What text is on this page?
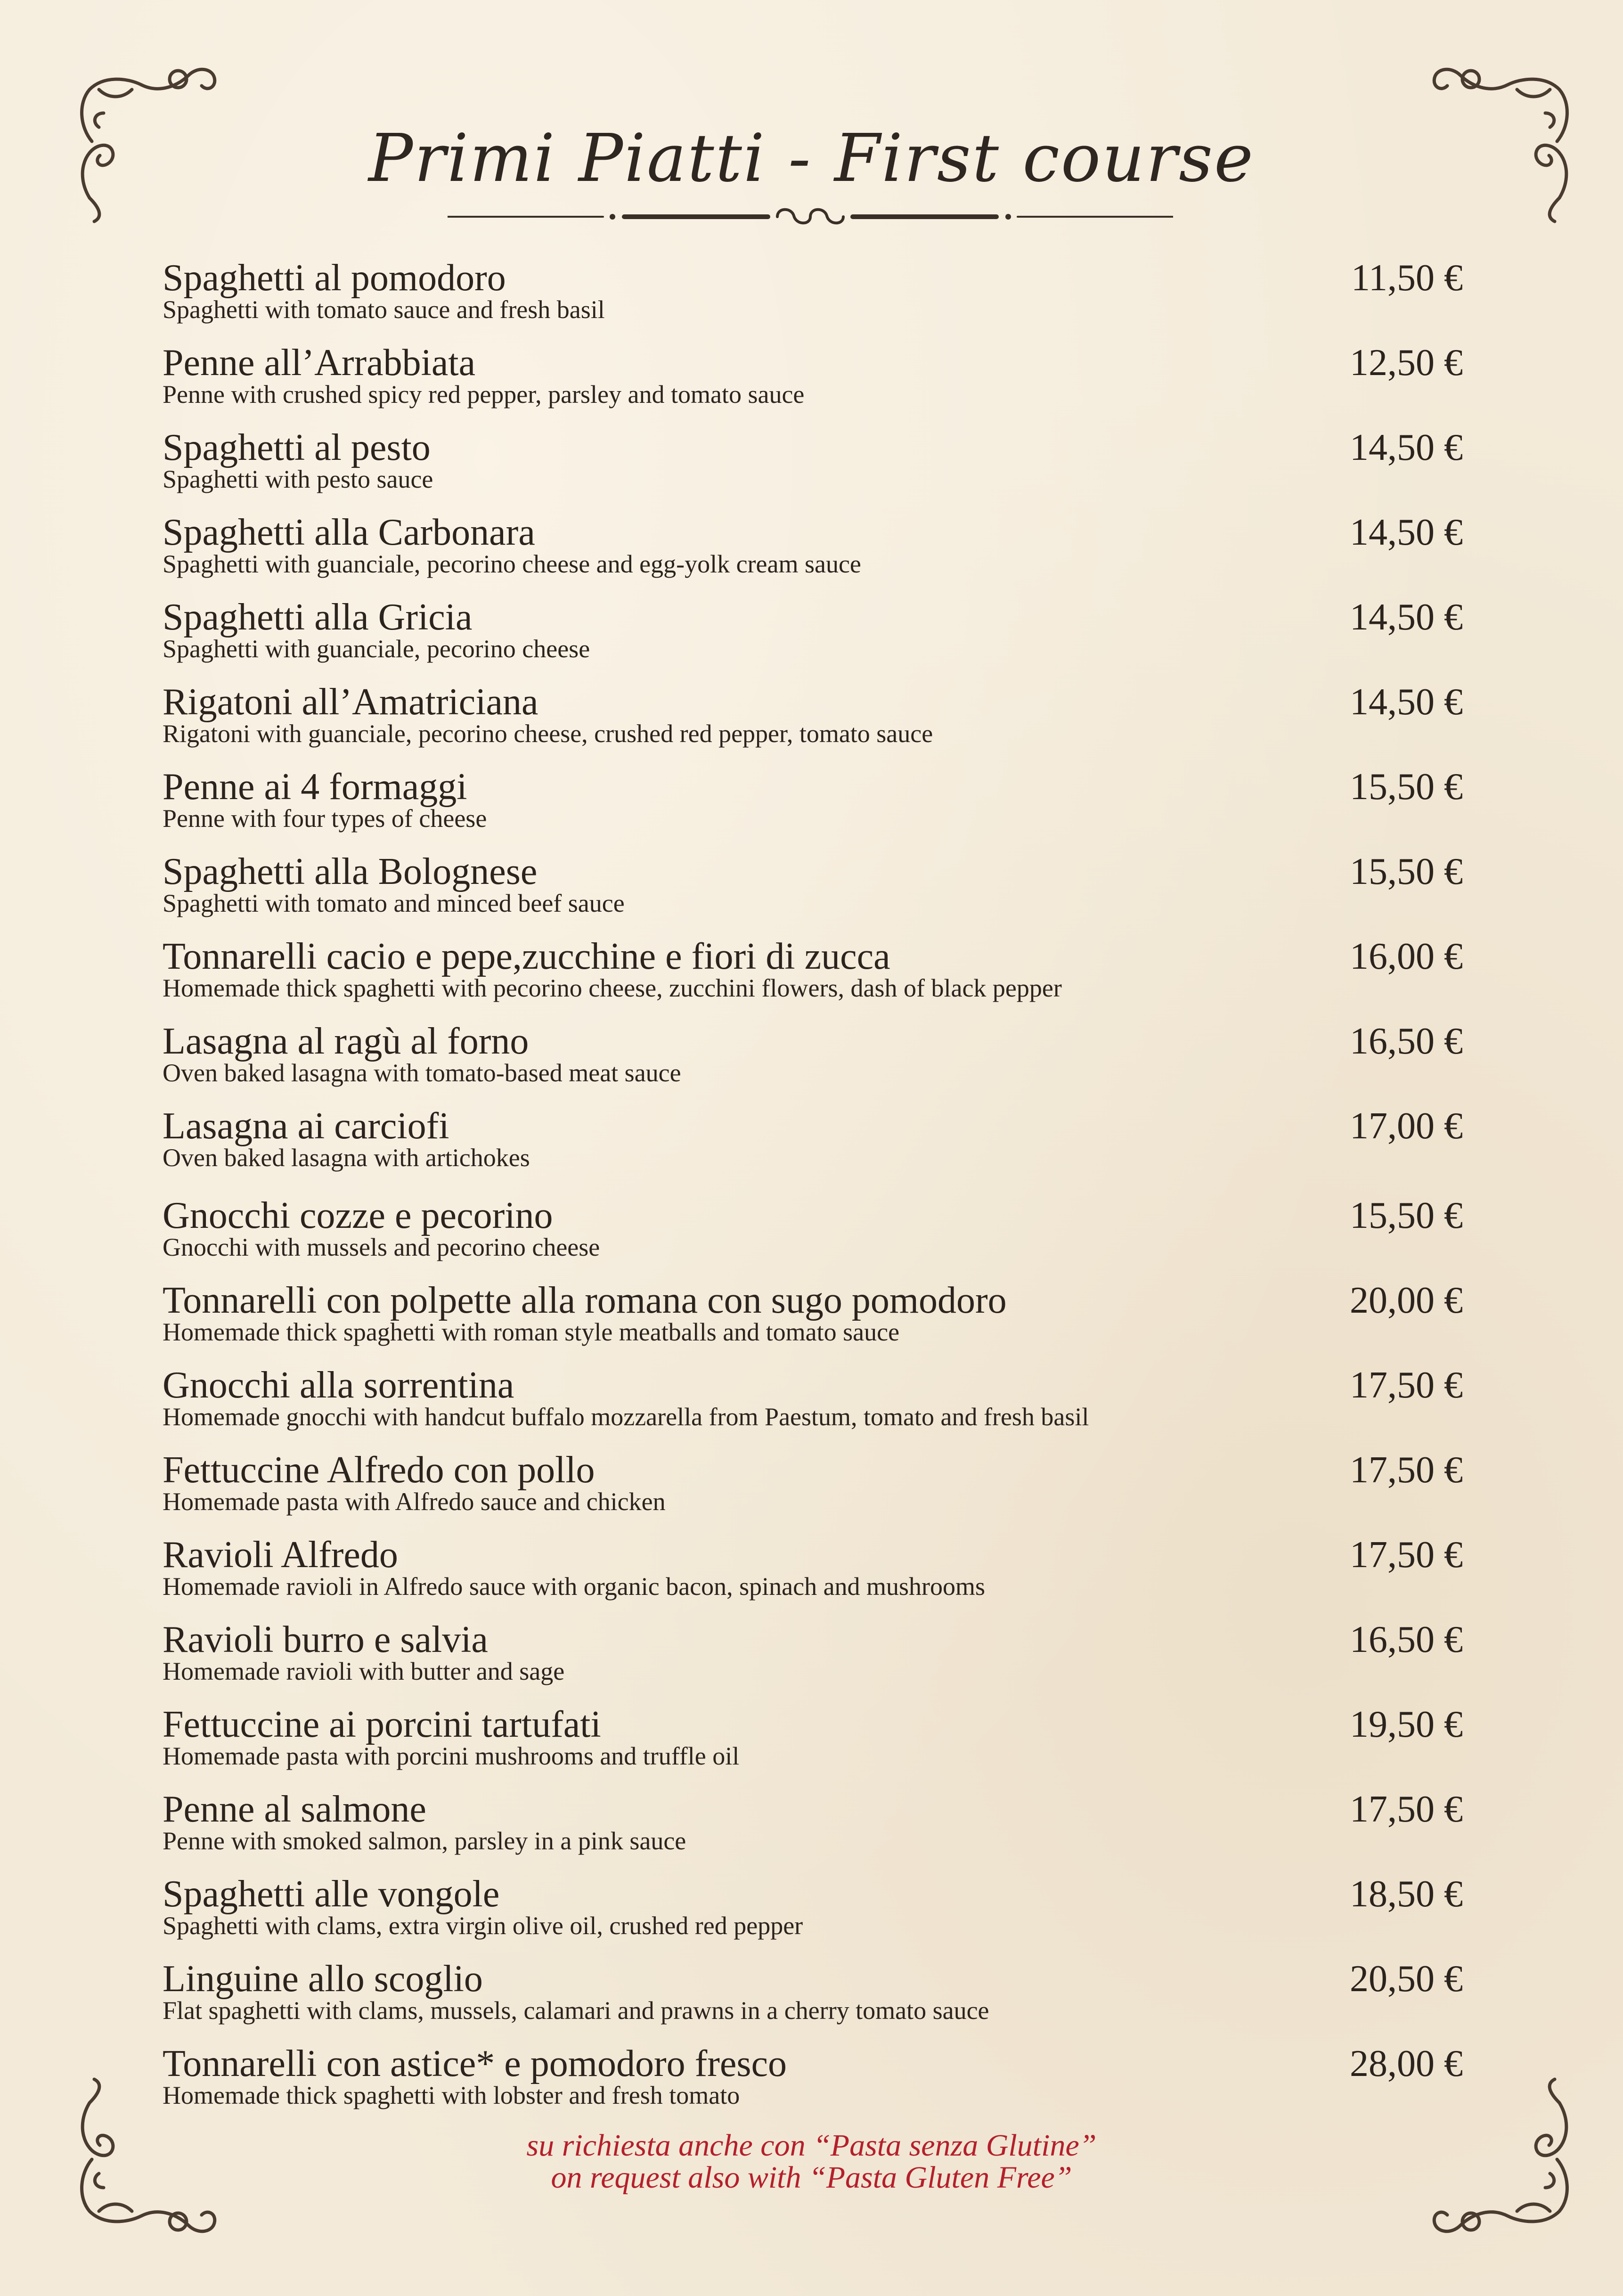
Primi Piatti - First course
Spaghetti al pomodoro
Spaghetti with tomato sauce and fresh basil
11,50 €
Penne all’Arrabbiata
Penne with crushed spicy red pepper, parsley and tomato sauce
12,50 €
Spaghetti al pesto
Spaghetti with pesto sauce
14,50 €
Spaghetti alla Carbonara
Spaghetti with guanciale, pecorino cheese and egg-yolk cream sauce
14,50 €
Spaghetti alla Gricia
Spaghetti with guanciale, pecorino cheese
14,50 €
Rigatoni all’Amatriciana
Rigatoni with guanciale, pecorino cheese, crushed red pepper, tomato sauce
14,50 €
Penne ai 4 formaggi
Penne with four types of cheese
15,50 €
Spaghetti alla Bolognese
Spaghetti with tomato and minced beef sauce
15,50 €
Tonnarelli cacio e pepe,zucchine e fiori di zucca
Homemade thick spaghetti with pecorino cheese, zucchini flowers, dash of black pepper
16,00 €
Lasagna al ragù al forno
Oven baked lasagna with tomato-based meat sauce
16,50 €
Lasagna ai carciofi
Oven baked lasagna with artichokes
17,00 €
Gnocchi cozze e pecorino
Gnocchi with mussels and pecorino cheese
15,50 €
Tonnarelli con polpette alla romana con sugo pomodoro
Homemade thick spaghetti with roman style meatballs and tomato sauce
20,00 €
Gnocchi alla sorrentina
Homemade gnocchi with handcut buffalo mozzarella from Paestum, tomato and fresh basil
17,50 €
Fettuccine Alfredo con pollo
Homemade pasta with Alfredo sauce and chicken
17,50 €
Ravioli Alfredo
Homemade ravioli in Alfredo sauce with organic bacon, spinach and mushrooms
17,50 €
Ravioli burro e salvia
Homemade ravioli with butter and sage
16,50 €
Fettuccine ai porcini tartufati
Homemade pasta with porcini mushrooms and truffle oil
19,50 €
Penne al salmone
Penne with smoked salmon, parsley in a pink sauce
17,50 €
Spaghetti alle vongole
Spaghetti with clams, extra virgin olive oil, crushed red pepper
18,50 €
Linguine allo scoglio
Flat spaghetti with clams, mussels, calamari and prawns in a cherry tomato sauce
20,50 €
Tonnarelli con astice* e pomodoro fresco
Homemade thick spaghetti with lobster and fresh tomato
28,00 €
su richiesta anche con “Pasta senza Glutine”
on request also with “Pasta Gluten Free”
